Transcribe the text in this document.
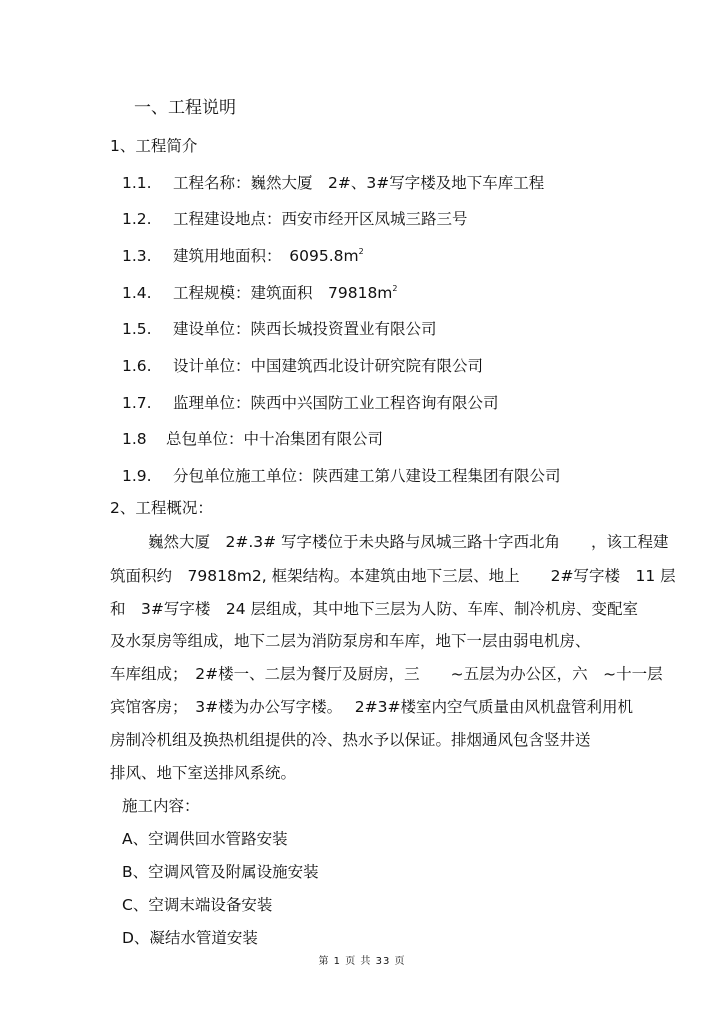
一、工程说明
1、工程简介
1.1. 工程名称：巍然大厦　2#、3#写字楼及地下车库工程
1.2. 工程建设地点：西安市经开区凤城三路三号
1.3. 建筑用地面积：　$6095.8m^2$
1.4. 工程规模：建筑面积　$79818m^2$
1.5. 建设单位：陕西长城投资置业有限公司
1.6. 设计单位：中国建筑西北设计研究院有限公司
1.7. 监理单位：陕西中兴国防工业工程咨询有限公司
1.8 总包单位：中十冶集团有限公司
1.9. 分包单位施工单位：陕西建工第八建设工程集团有限公司
2、工程概况：
巍然大厦　2#.3# 写字楼位于未央路与凤城三路十字西北角　　，该工程建
筑面积约　79818m2, 框架结构。本建筑由地下三层、地上　　2#写字楼　11 层
和　3#写字楼　24 层组成，其中地下三层为人防、车库、制冷机房、变配室
及水泵房等组成，地下二层为消防泵房和车库，地下一层由弱电机房、
车库组成；　2#楼一、二层为餐厅及厨房，三　　~五层为办公区，六　~十一层
宾馆客房；　3#楼为办公写字楼。　 2#3#楼室内空气质量由风机盘管利用机
房制冷机组及换热机组提供的冷、热水予以保证。排烟通风包含竖井送
排风、地下室送排风系统。
施工内容：
A、空调供回水管路安装
B、空调风管及附属设施安装
C、空调末端设备安装
D、凝结水管道安装
第 1 页 共 33 页
